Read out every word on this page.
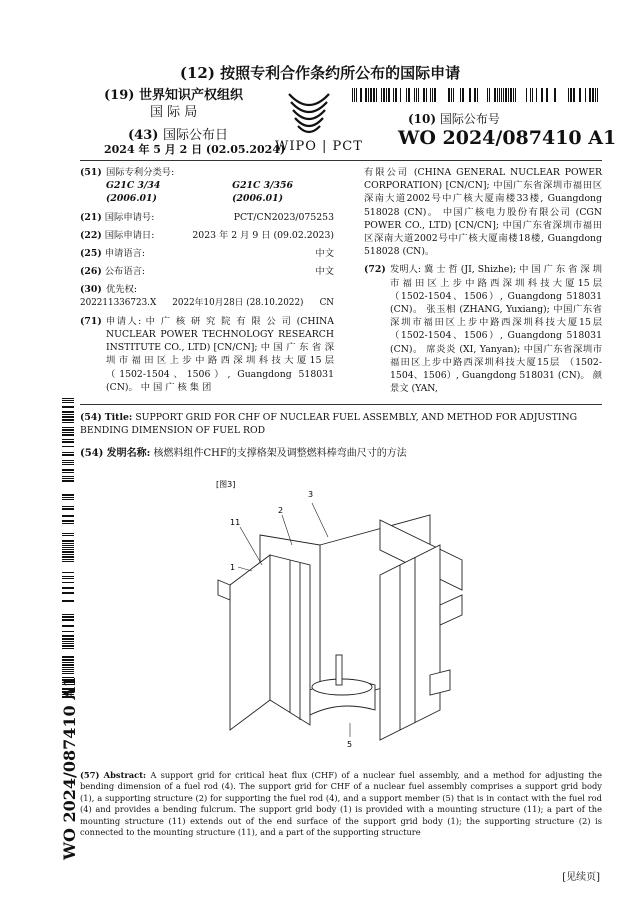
(12) 按照专利合作条约所公布的国际申请
(19) 世界知识产权组织
国 际 局
(43) 国际公布日
2024 年 5 月 2 日 (02.05.2024)
WIPO | PCT
(10) 国际公布号
WO 2024/087410 A1
(51) 国际专利分类号:
G21C 3/34 (2006.01)
G21C 3/356 (2006.01)
(21) 国际申请号:	PCT/CN2023/075253
(22) 国际申请日:	2023 年 2 月 9 日 (09.02.2023)
(25) 申请语言:	中文
(26) 公布语言:	中文
(30) 优先权:
202211336723.X 2022年10月28日 (28.10.2022) CN
(71) 申请人: 中 广 核 研 究 院 有 限 公 司 (CHINA NUCLEAR POWER TECHNOLOGY RESEARCH INSTITUTE CO., LTD) [CN/CN]; 中 国 广 东 省 深 圳 市 福 田 区 上 步 中 路 西 深 圳 科 技 大 厦 15 层 （1502-1504、1506）, Guangdong 518031 (CN)。 中 国 广 核 集 团
有限公司 (CHINA GENERAL NUCLEAR POWER CORPORATION) [CN/CN]; 中国广东省深圳市福田区深南大道2002号中广核大厦南楼33楼, Guangdong 518028 (CN)。 中国广核电力股份有限公司 (CGN POWER CO., LTD) [CN/CN]; 中国广东省深圳市福田区深南大道2002号中广核大厦南楼18楼, Guangdong 518028 (CN)。
(72) 发明人: 冀 士 哲 (JI, Shizhe); 中 国 广 东 省 深 圳 市 福 田 区 上 步 中 路 西 深 圳 科 技 大 厦 15 层 （1502-1504、1506）, Guangdong 518031 (CN)。 张玉相 (ZHANG, Yuxiang); 中国广东省深圳市福田区上步中路西深圳科技大厦15层 （1502-1504、1506）, Guangdong 518031 (CN)。 席炎炎 (XI, Yanyan); 中国广东省深圳市福田区上步中路西深圳科技大厦15层 （1502-1504、1506）, Guangdong 518031 (CN)。 颜景文 (YAN,
(54) Title: SUPPORT GRID FOR CHF OF NUCLEAR FUEL ASSEMBLY, AND METHOD FOR ADJUSTING BENDING DIMENSION OF FUEL ROD
(54) 发明名称: 核燃料组件CHF的支撑格架及调整燃料棒弯曲尺寸的方法
WO 2024/087410 A1
[图3]
3
2
11
1
5
(57) Abstract: A support grid for critical heat flux (CHF) of a nuclear fuel assembly, and a method for adjusting the bending dimension of a fuel rod (4). The support grid for CHF of a nuclear fuel assembly comprises a support grid body (1), a supporting structure (2) for supporting the fuel rod (4), and a support member (5) that is in contact with the fuel rod (4) and provides a bending fulcrum. The support grid body (1) is provided with a mounting structure (11); a part of the mounting structure (11) extends out of the end surface of the support grid body (1); the supporting structure (2) is connected to the mounting structure (11), and a part of the supporting structure
[见续页]
